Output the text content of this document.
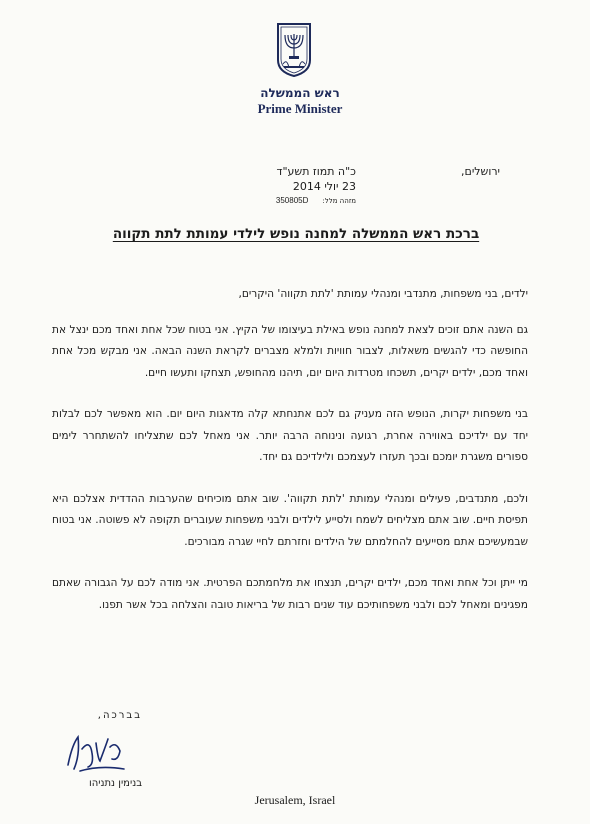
ראש הממשלה
Prime Minister
ירושלים,
כ"ה תמוז תשע"ד
23 יולי 2014
מזהה מלל:
350805D
ברכת ראש הממשלה למחנה נופש לילדי עמותת לתת תקווה

ילדים, בני משפחות, מתנדבי ומנהלי עמותת 'לתת תקווה' היקרים,

גם השנה אתם זוכים לצאת למחנה נופש באילת בעיצומו של הקיץ. אני בטוח שכל אחת ואחד מכם ינצל את החופשה כדי להגשים משאלות, לצבור חוויות ולמלא מצברים לקראת השנה הבאה. אני מבקש מכל אחת ואחד מכם, ילדים יקרים, תשכחו מטרדות היום יום, תיהנו מהחופש, תצחקו ותעשו חיים.

בני משפחות יקרות, הנופש הזה מעניק גם לכם אתנחתא קלה מדאגות היום יום. הוא מאפשר לכם לבלות יחד עם ילדיכם באווירה אחרת, רגועה ונינוחה הרבה יותר. אני מאחל לכם שתצליחו להשתחרר לימים ספורים משגרת יומכם ובכך תעזרו לעצמכם ולילדיכם גם יחד.

ולכם, מתנדבים, פעילים ומנהלי עמותת 'לתת תקווה'. שוב אתם מוכיחים שהערבות ההדדית אצלכם היא תפיסת חיים. שוב אתם מצליחים לשמח ולסייע לילדים ולבני משפחות שעוברים תקופה לא פשוטה. אני בטוח שבמעשיכם אתם מסייעים להחלמתם של הילדים וחזרתם לחיי שגרה מבורכים.

מי ייתן וכל אחת ואחד מכם, ילדים יקרים, תנצחו את מלחמתכם הפרטית. אני מודה לכם על הגבורה שאתם מפגינים ומאחל לכם ולבני משפחותיכם עוד שנים רבות של בריאות טובה והצלחה בכל אשר תפנו.

בברכה,
בנימין נתניהו
Jerusalem, Israel
